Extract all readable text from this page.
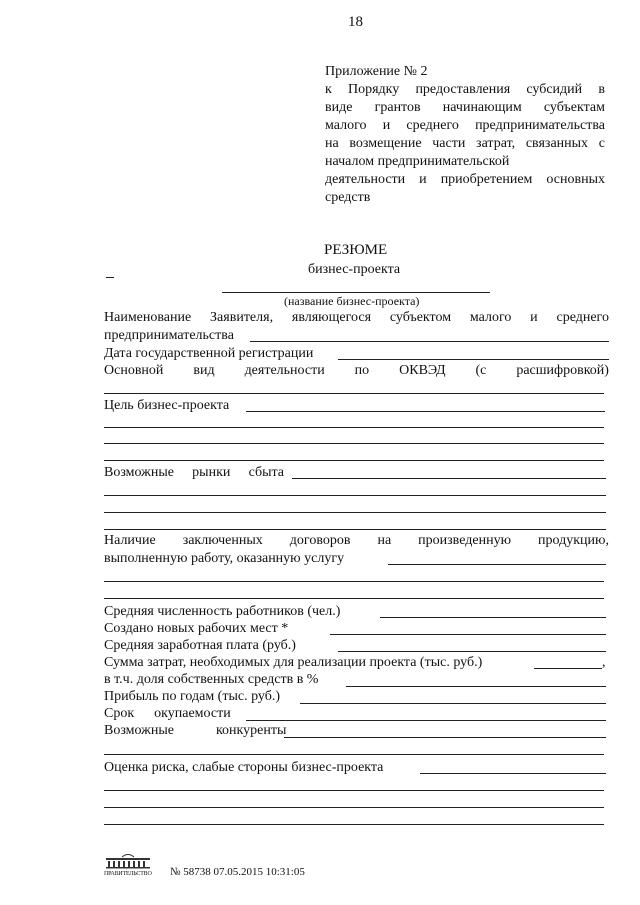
18
Приложение № 2
к Порядку предоставления субсидий в
виде грантов начинающим субъектам
малого и среднего предпринимательства
на возмещение части затрат, связанных с
началом предпринимательской
деятельности и приобретением основных
средств
РЕЗЮМЕ
бизнес-проекта
(название бизнес-проекта)
Наименование Заявителя, являющегося субъектом малого и среднего
предпринимательства
Дата государственной регистрации
Основной вид деятельности по ОКВЭД (с расшифровкой)
Цель бизнес-проекта
Возможные рынки сбыта
Наличие заключенных договоров на произведенную продукцию,
выполненную работу, оказанную услугу
Средняя численность работников (чел.)
Создано новых рабочих мест *
Средняя заработная плата (руб.)
Сумма затрат, необходимых для реализации проекта (тыс. руб.)	,
в т.ч. доля собственных средств в %
Прибыль по годам (тыс. руб.)
Срок окупаемости
Возможные	конкуренты
Оценка риска, слабые стороны бизнес-проекта
ПРАВИТЕЛЬСТВО № 58738 07.05.2015 10:31:05
